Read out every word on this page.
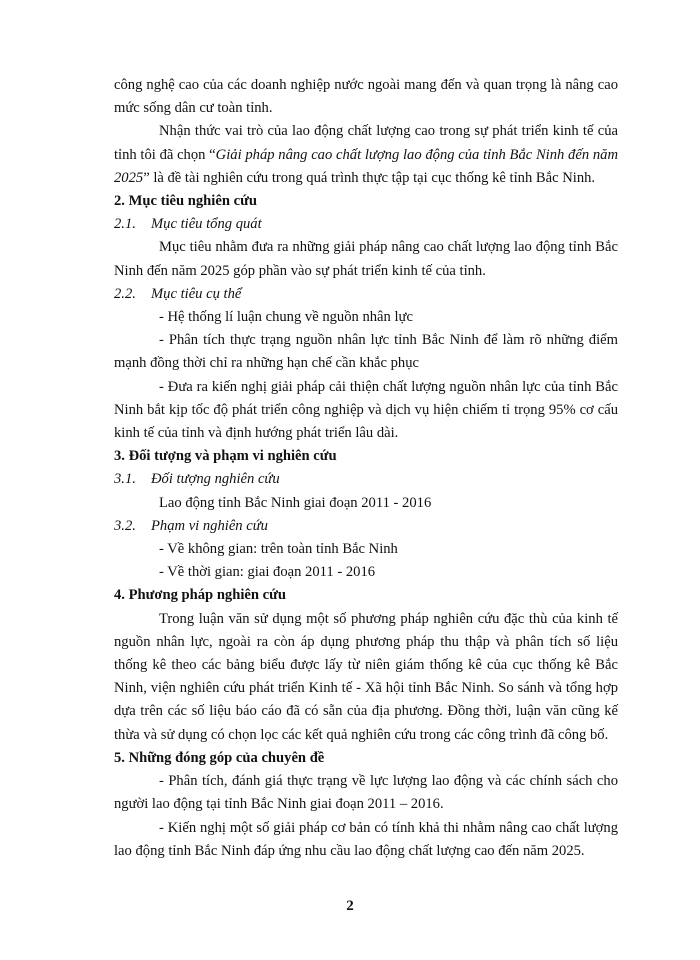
công nghệ cao của các doanh nghiệp nước ngoài mang đến và quan trọng là nâng cao mức sống dân cư toàn tỉnh.

Nhận thức vai trò của lao động chất lượng cao trong sự phát triển kinh tế của tỉnh tôi đã chọn “Giải pháp nâng cao chất lượng lao động của tỉnh Bắc Ninh đến năm 2025” là đề tài nghiên cứu trong quá trình thực tập tại cục thống kê tỉnh Bắc Ninh.

2. Mục tiêu nghiên cứu

2.1. Mục tiêu tổng quát

Mục tiêu nhằm đưa ra những giải pháp nâng cao chất lượng lao động tỉnh Bắc Ninh đến năm 2025 góp phần vào sự phát triển kinh tế của tỉnh.

2.2. Mục tiêu cụ thể

- Hệ thống lí luận chung về nguồn nhân lực

- Phân tích thực trạng nguồn nhân lực tỉnh Bắc Ninh để làm rõ những điểm mạnh đồng thời chỉ ra những hạn chế cần khắc phục

- Đưa ra kiến nghị giải pháp cải thiện chất lượng nguồn nhân lực của tỉnh Bắc Ninh bắt kịp tốc độ phát triển công nghiệp và dịch vụ hiện chiếm tỉ trọng 95% cơ cấu kinh tế của tỉnh và định hướng phát triển lâu dài.

3. Đối tượng và phạm vi nghiên cứu

3.1. Đối tượng nghiên cứu

Lao động tỉnh Bắc Ninh giai đoạn 2011 - 2016

3.2. Phạm vi nghiên cứu

- Về không gian: trên toàn tỉnh Bắc Ninh

- Về thời gian: giai đoạn 2011 - 2016

4. Phương pháp nghiên cứu

Trong luận văn sử dụng một số phương pháp nghiên cứu đặc thù của kinh tế nguồn nhân lực, ngoài ra còn áp dụng phương pháp thu thập và phân tích số liệu thống kê theo các bảng biểu được lấy từ niên giám thống kê của cục thống kê Bắc Ninh, viện nghiên cứu phát triển Kinh tế - Xã hội tỉnh Bắc Ninh. So sánh và tổng hợp dựa trên các số liệu báo cáo đã có sẵn của địa phương. Đồng thời, luận văn cũng kế thừa và sử dụng có chọn lọc các kết quả nghiên cứu trong các công trình đã công bố.

5. Những đóng góp của chuyên đề

- Phân tích, đánh giá thực trạng về lực lượng lao động và các chính sách cho người lao động tại tỉnh Bắc Ninh giai đoạn 2011 – 2016.

- Kiến nghị một số giải pháp cơ bản có tính khả thi nhằm nâng cao chất lượng lao động tỉnh Bắc Ninh đáp ứng nhu cầu lao động chất lượng cao đến năm 2025.

2
